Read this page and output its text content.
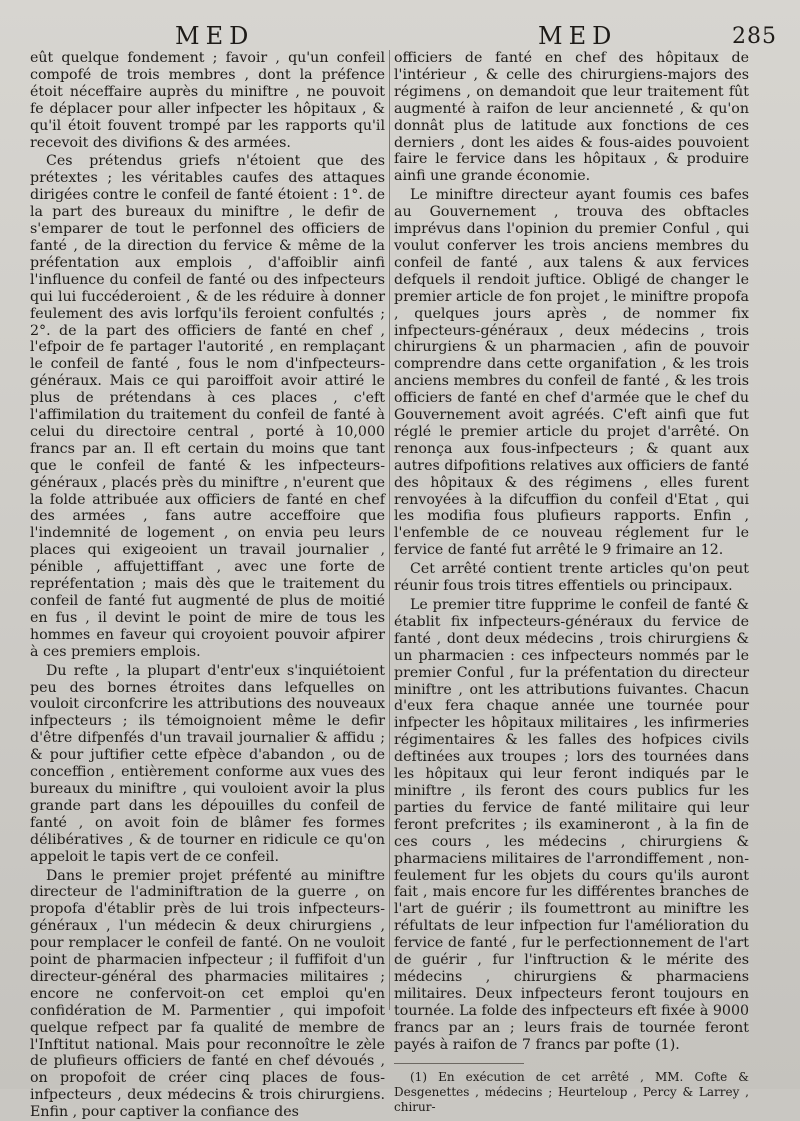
MED	MED	285

eût quelque fondement ; favoir , qu'un confeil compofé de trois membres , dont la préfence étoit néceffaire auprès du miniftre , ne pouvoit fe déplacer pour aller infpecter les hôpitaux , & qu'il étoit fouvent trompé par les rapports qu'il recevoit des divifions & des armées.

Ces prétendus griefs n'étoient que des prétextes ; les véritables caufes des attaques dirigées contre le confeil de fanté étoient : 1°. de la part des bureaux du miniftre , le defir de s'emparer de tout le perfonnel des officiers de fanté , de la direction du fervice & même de la préfentation aux emplois , d'affoiblir ainfi l'influence du confeil de fanté ou des infpecteurs qui lui fuccéderoient , & de les réduire à donner feulement des avis lorfqu'ils feroient confultés ; 2°. de la part des officiers de fanté en chef , l'efpoir de fe partager l'autorité , en remplaçant le confeil de fanté , fous le nom d'infpecteurs-généraux. Mais ce qui paroiffoit avoir attiré le plus de prétendans à ces places , c'eft l'affimilation du traitement du confeil de fanté à celui du directoire central , porté à 10,000 francs par an. Il eft certain du moins que tant que le confeil de fanté & les infpecteurs-généraux , placés près du miniftre , n'eurent que la folde attribuée aux officiers de fanté en chef des armées , fans autre acceffoire que l'indemnité de logement , on envia peu leurs places qui exigeoient un travail journalier , pénible , affujettiffant , avec une forte de repréfentation ; mais dès que le traitement du confeil de fanté fut augmenté de plus de moitié en fus , il devint le point de mire de tous les hommes en faveur qui croyoient pouvoir afpirer à ces premiers emplois.

Du refte , la plupart d'entr'eux s'inquiétoient peu des bornes étroites dans lefquelles on vouloit circonfcrire les attributions des nouveaux infpecteurs ; ils témoignoient même le defir d'être difpenfés d'un travail journalier & affidu ; & pour juftifier cette efpèce d'abandon , ou de conceffion , entièrement conforme aux vues des bureaux du miniftre , qui vouloient avoir la plus grande part dans les dépouilles du confeil de fanté , on avoit foin de blâmer fes formes délibératives , & de tourner en ridicule ce qu'on appeloit le tapis vert de ce confeil.

Dans le premier projet préfenté au miniftre directeur de l'adminiftration de la guerre , on propofa d'établir près de lui trois infpecteurs-généraux , l'un médecin & deux chirurgiens , pour remplacer le confeil de fanté. On ne vouloit point de pharmacien infpecteur ; il fuffifoit d'un directeur-général des pharmacies militaires ; encore ne confervoit-on cet emploi qu'en confidération de M. Parmentier , qui impofoit quelque refpect par fa qualité de membre de l'Inftitut national. Mais pour reconnoître le zèle de plufieurs officiers de fanté en chef dévoués , on propofoit de créer cinq places de fous-infpecteurs , deux médecins & trois chirurgiens. Enfin , pour captiver la confiance des

officiers de fanté en chef des hôpitaux de l'intérieur , & celle des chirurgiens-majors des régimens , on demandoit que leur traitement fût augmenté à raifon de leur ancienneté , & qu'on donnât plus de latitude aux fonctions de ces derniers , dont les aides & fous-aides pouvoient faire le fervice dans les hôpitaux , & produire ainfi une grande économie.

Le miniftre directeur ayant foumis ces bafes au Gouvernement , trouva des obftacles imprévus dans l'opinion du premier Conful , qui voulut conferver les trois anciens membres du confeil de fanté , aux talens & aux fervices defquels il rendoit juftice. Obligé de changer le premier article de fon projet , le miniftre propofa , quelques jours après , de nommer fix infpecteurs-généraux , deux médecins , trois chirurgiens & un pharmacien , afin de pouvoir comprendre dans cette organifation , & les trois anciens membres du confeil de fanté , & les trois officiers de fanté en chef d'armée que le chef du Gouvernement avoit agréés. C'eft ainfi que fut réglé le premier article du projet d'arrêté. On renonça aux fous-infpecteurs ; & quant aux autres difpofitions relatives aux officiers de fanté des hôpitaux & des régimens , elles furent renvoyées à la difcuffion du confeil d'Etat , qui les modifia fous plufieurs rapports. Enfin , l'enfemble de ce nouveau réglement fur le fervice de fanté fut arrêté le 9 frimaire an 12.

Cet arrêté contient trente articles qu'on peut réunir fous trois titres effentiels ou principaux.

Le premier titre fupprime le confeil de fanté & établit fix infpecteurs-généraux du fervice de fanté , dont deux médecins , trois chirurgiens & un pharmacien : ces infpecteurs nommés par le premier Conful , fur la préfentation du directeur miniftre , ont les attributions fuivantes. Chacun d'eux fera chaque année une tournée pour infpecter les hôpitaux militaires , les infirmeries régimentaires & les falles des hofpices civils deftinées aux troupes ; lors des tournées dans les hôpitaux qui leur feront indiqués par le miniftre , ils feront des cours publics fur les parties du fervice de fanté militaire qui leur feront prefcrites ; ils examineront , à la fin de ces cours , les médecins , chirurgiens & pharmaciens militaires de l'arrondiffement , non-feulement fur les objets du cours qu'ils auront fait , mais encore fur les différentes branches de l'art de guérir ; ils foumettront au miniftre les réfultats de leur infpection fur l'amélioration du fervice de fanté , fur le perfectionnement de l'art de guérir , fur l'inftruction & le mérite des médecins , chirurgiens & pharmaciens militaires. Deux infpecteurs feront toujours en tournée. La folde des infpecteurs eft fixée à 9000 francs par an ; leurs frais de tournée feront payés à raifon de 7 francs par pofte (1).

(1) En exécution de cet arrêté , MM. Cofte & Desgenettes , médecins ; Heurteloup , Percy & Larrey , chirur-
